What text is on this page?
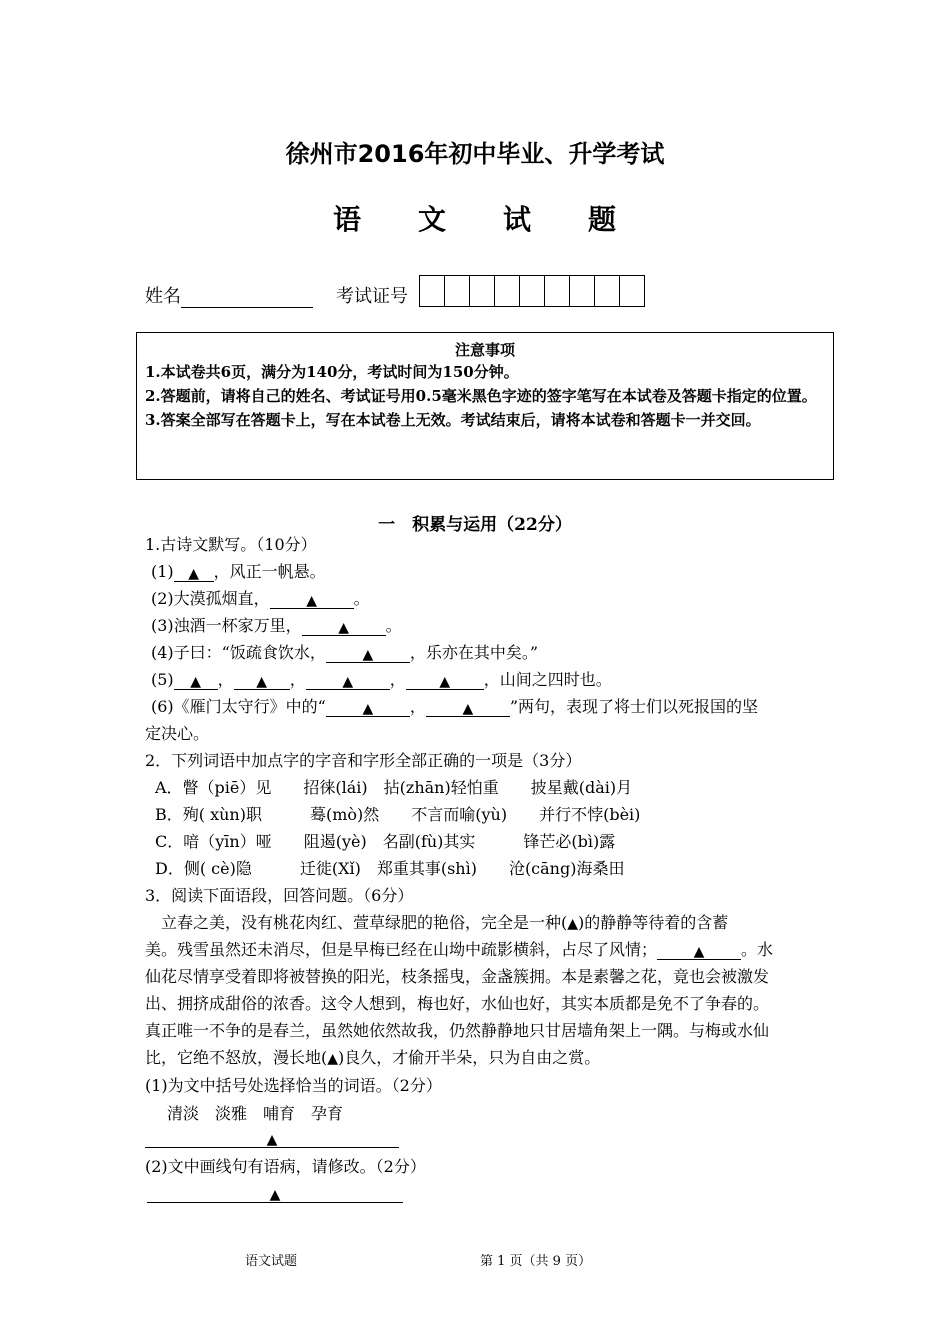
徐州市2016年初中毕业、升学考试
语 文 试 题
姓名	考试证号
注意事项
1.本试卷共6页，满分为140分，考试时间为150分钟。
2.答题前，请将自己的姓名、考试证号用0.5毫米黑色字迹的签字笔写在本试卷及答题卡指定的位置。
3.答案全部写在答题卡上，写在本试卷上无效。考试结束后，请将本试卷和答题卡一并交回。
一　积累与运用（22分）
1.古诗文默写。（10分）
(1) ▲ ，风正一帆悬。
(2)大漠孤烟直，	▲ 。
(3)浊酒一杯家万里，	▲ 。
(4)子曰：“饭疏食饮水，	▲ ，乐亦在其中矣。”
(5) ▲ ， ▲ ，	▲ ， ▲ ，山间之四时也。
(6)《雁门太守行》中的“	▲ ，	▲ ”两句，表现了将士们以死报国的坚
定决心。
2．下列词语中加点字的字音和字形全部正确的一项是（3分）
A．瞥（piē）见　　招徕(lái)　拈(zhān)轻怕重　　披星戴(dài)月
B．殉( xùn)职　　　蓦(mò)然　　不言而喻(yù)　　并行不悖(bèi)
C．喑（yīn）哑　　阻遏(yè)　名副(fù)其实　　　锋芒必(bì)露
D．侧( cè)隐　　　迁徙(Xǐ)　郑重其事(shì)　　沧(cāng)海桑田
3．阅读下面语段，回答问题。（6分）
　立春之美，没有桃花肉红、萱草绿肥的艳俗，完全是一种(▲)的静静等待着的含蓄
美。残雪虽然还未消尽，但是早梅已经在山坳中疏影横斜，占尽了风情；	▲ 。水
仙花尽情享受着即将被替换的阳光，枝条摇曳，金盏簇拥。本是素馨之花，竟也会被激发
出、拥挤成甜俗的浓香。这令人想到，梅也好，水仙也好，其实本质都是免不了争春的。
真正唯一不争的是春兰，虽然她依然故我，仍然静静地只甘居墙角架上一隅。与梅或水仙
比，它绝不怒放，漫长地(▲)良久，才偷开半朵，只为自由之赏。
(1)为文中括号处选择恰当的词语。（2分）
清淡　淡雅　哺育　孕育
▲
(2)文中画线句有语病，请修改。（2分）
▲
语文试题	第 1 页（共 9 页）
